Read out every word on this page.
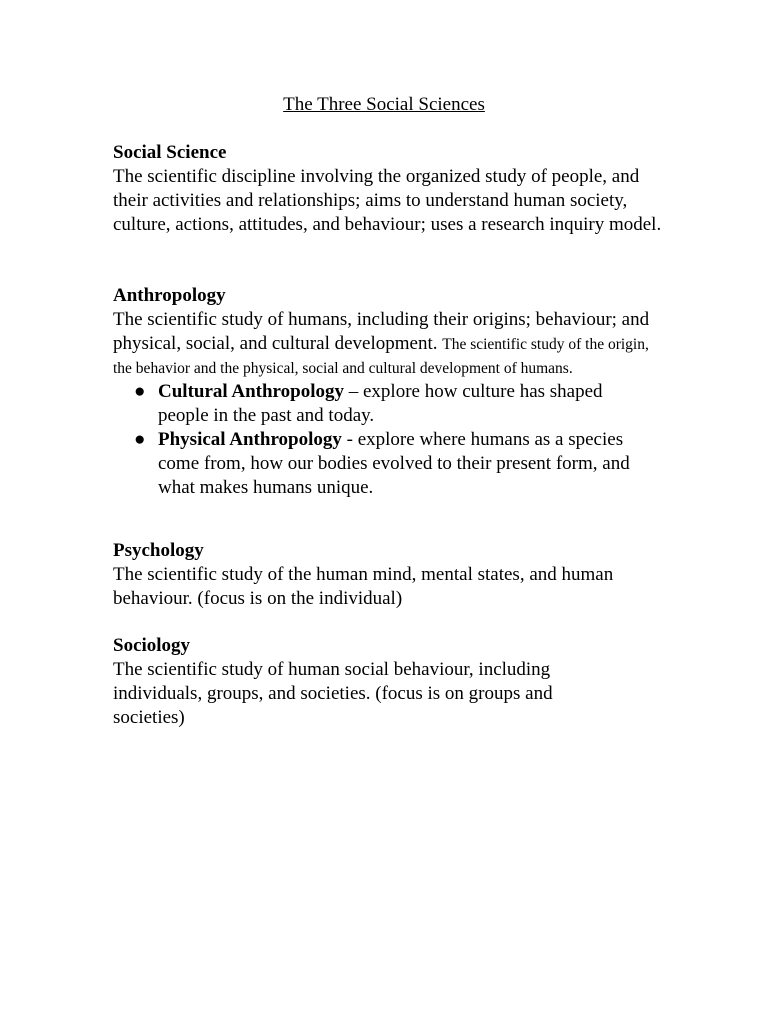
The Three Social Sciences
Social Science

The scientific discipline involving the organized study of people, and their activities and relationships; aims to understand human society, culture, actions, attitudes, and behaviour; uses a research inquiry model.

Anthropology

The scientific study of humans, including their origins; behaviour; and physical, social, and cultural development. The scientific study of the origin, the behavior and the physical, social and cultural development of humans.

● Cultural Anthropology – explore how culture has shaped people in the past and today.
● Physical Anthropology - explore where humans as a species come from, how our bodies evolved to their present form, and what makes humans unique.
Psychology

The scientific study of the human mind, mental states, and human behaviour. (focus is on the individual)

Sociology

The scientific study of human social behaviour, including individuals, groups, and societies. (focus is on groups and societies)
